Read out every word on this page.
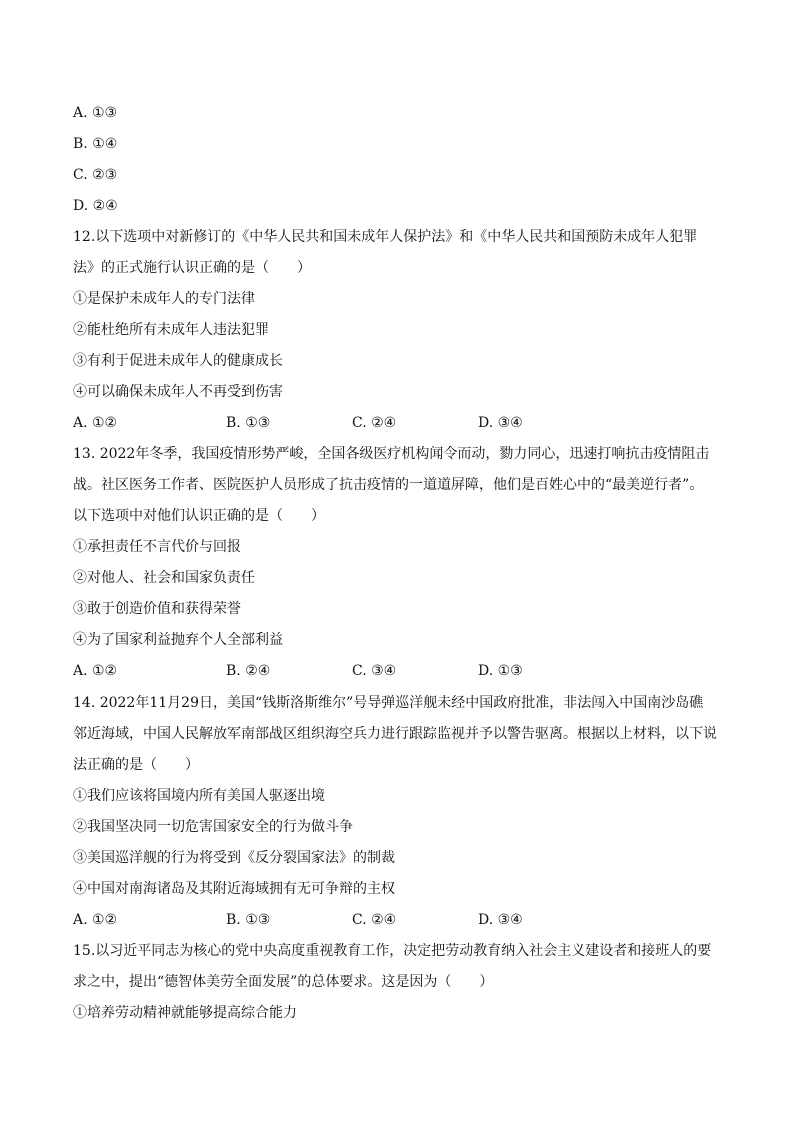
A. ①③

B. ①④

C. ②③

D. ②④

12.以下选项中对新修订的《中华人民共和国未成年人保护法》和《中华人民共和国预防未成年人犯罪

法》的正式施行认识正确的是（　　）

①是保护未成年人的专门法律

②能杜绝所有未成年人违法犯罪

③有利于促进未成年人的健康成长

④可以确保未成年人不再受到伤害

A. ①②	B. ①③	C. ②④	D. ③④

13. 2022年冬季，我国疫情形势严峻，全国各级医疗机构闻令而动，勠力同心，迅速打响抗击疫情阻击

战。社区医务工作者、医院医护人员形成了抗击疫情的一道道屏障，他们是百姓心中的“最美逆行者”。

以下选项中对他们认识正确的是（　　）

①承担责任不言代价与回报

②对他人、社会和国家负责任

③敢于创造价值和获得荣誉

④为了国家利益抛弃个人全部利益

A. ①②	B. ②④	C. ③④	D. ①③

14. 2022年11月29日，美国“钱斯洛斯维尔”号导弹巡洋舰未经中国政府批准，非法闯入中国南沙岛礁

邻近海域，中国人民解放军南部战区组织海空兵力进行跟踪监视并予以警告驱离。根据以上材料，以下说

法正确的是（　　）

①我们应该将国境内所有美国人驱逐出境

②我国坚决同一切危害国家安全的行为做斗争

③美国巡洋舰的行为将受到《反分裂国家法》的制裁

④中国对南海诸岛及其附近海域拥有无可争辩的主权

A. ①②	B. ①③	C. ②④	D. ③④

15.以习近平同志为核心的党中央高度重视教育工作，决定把劳动教育纳入社会主义建设者和接班人的要

求之中，提出“德智体美劳全面发展”的总体要求。这是因为（　　）

①培养劳动精神就能够提高综合能力
